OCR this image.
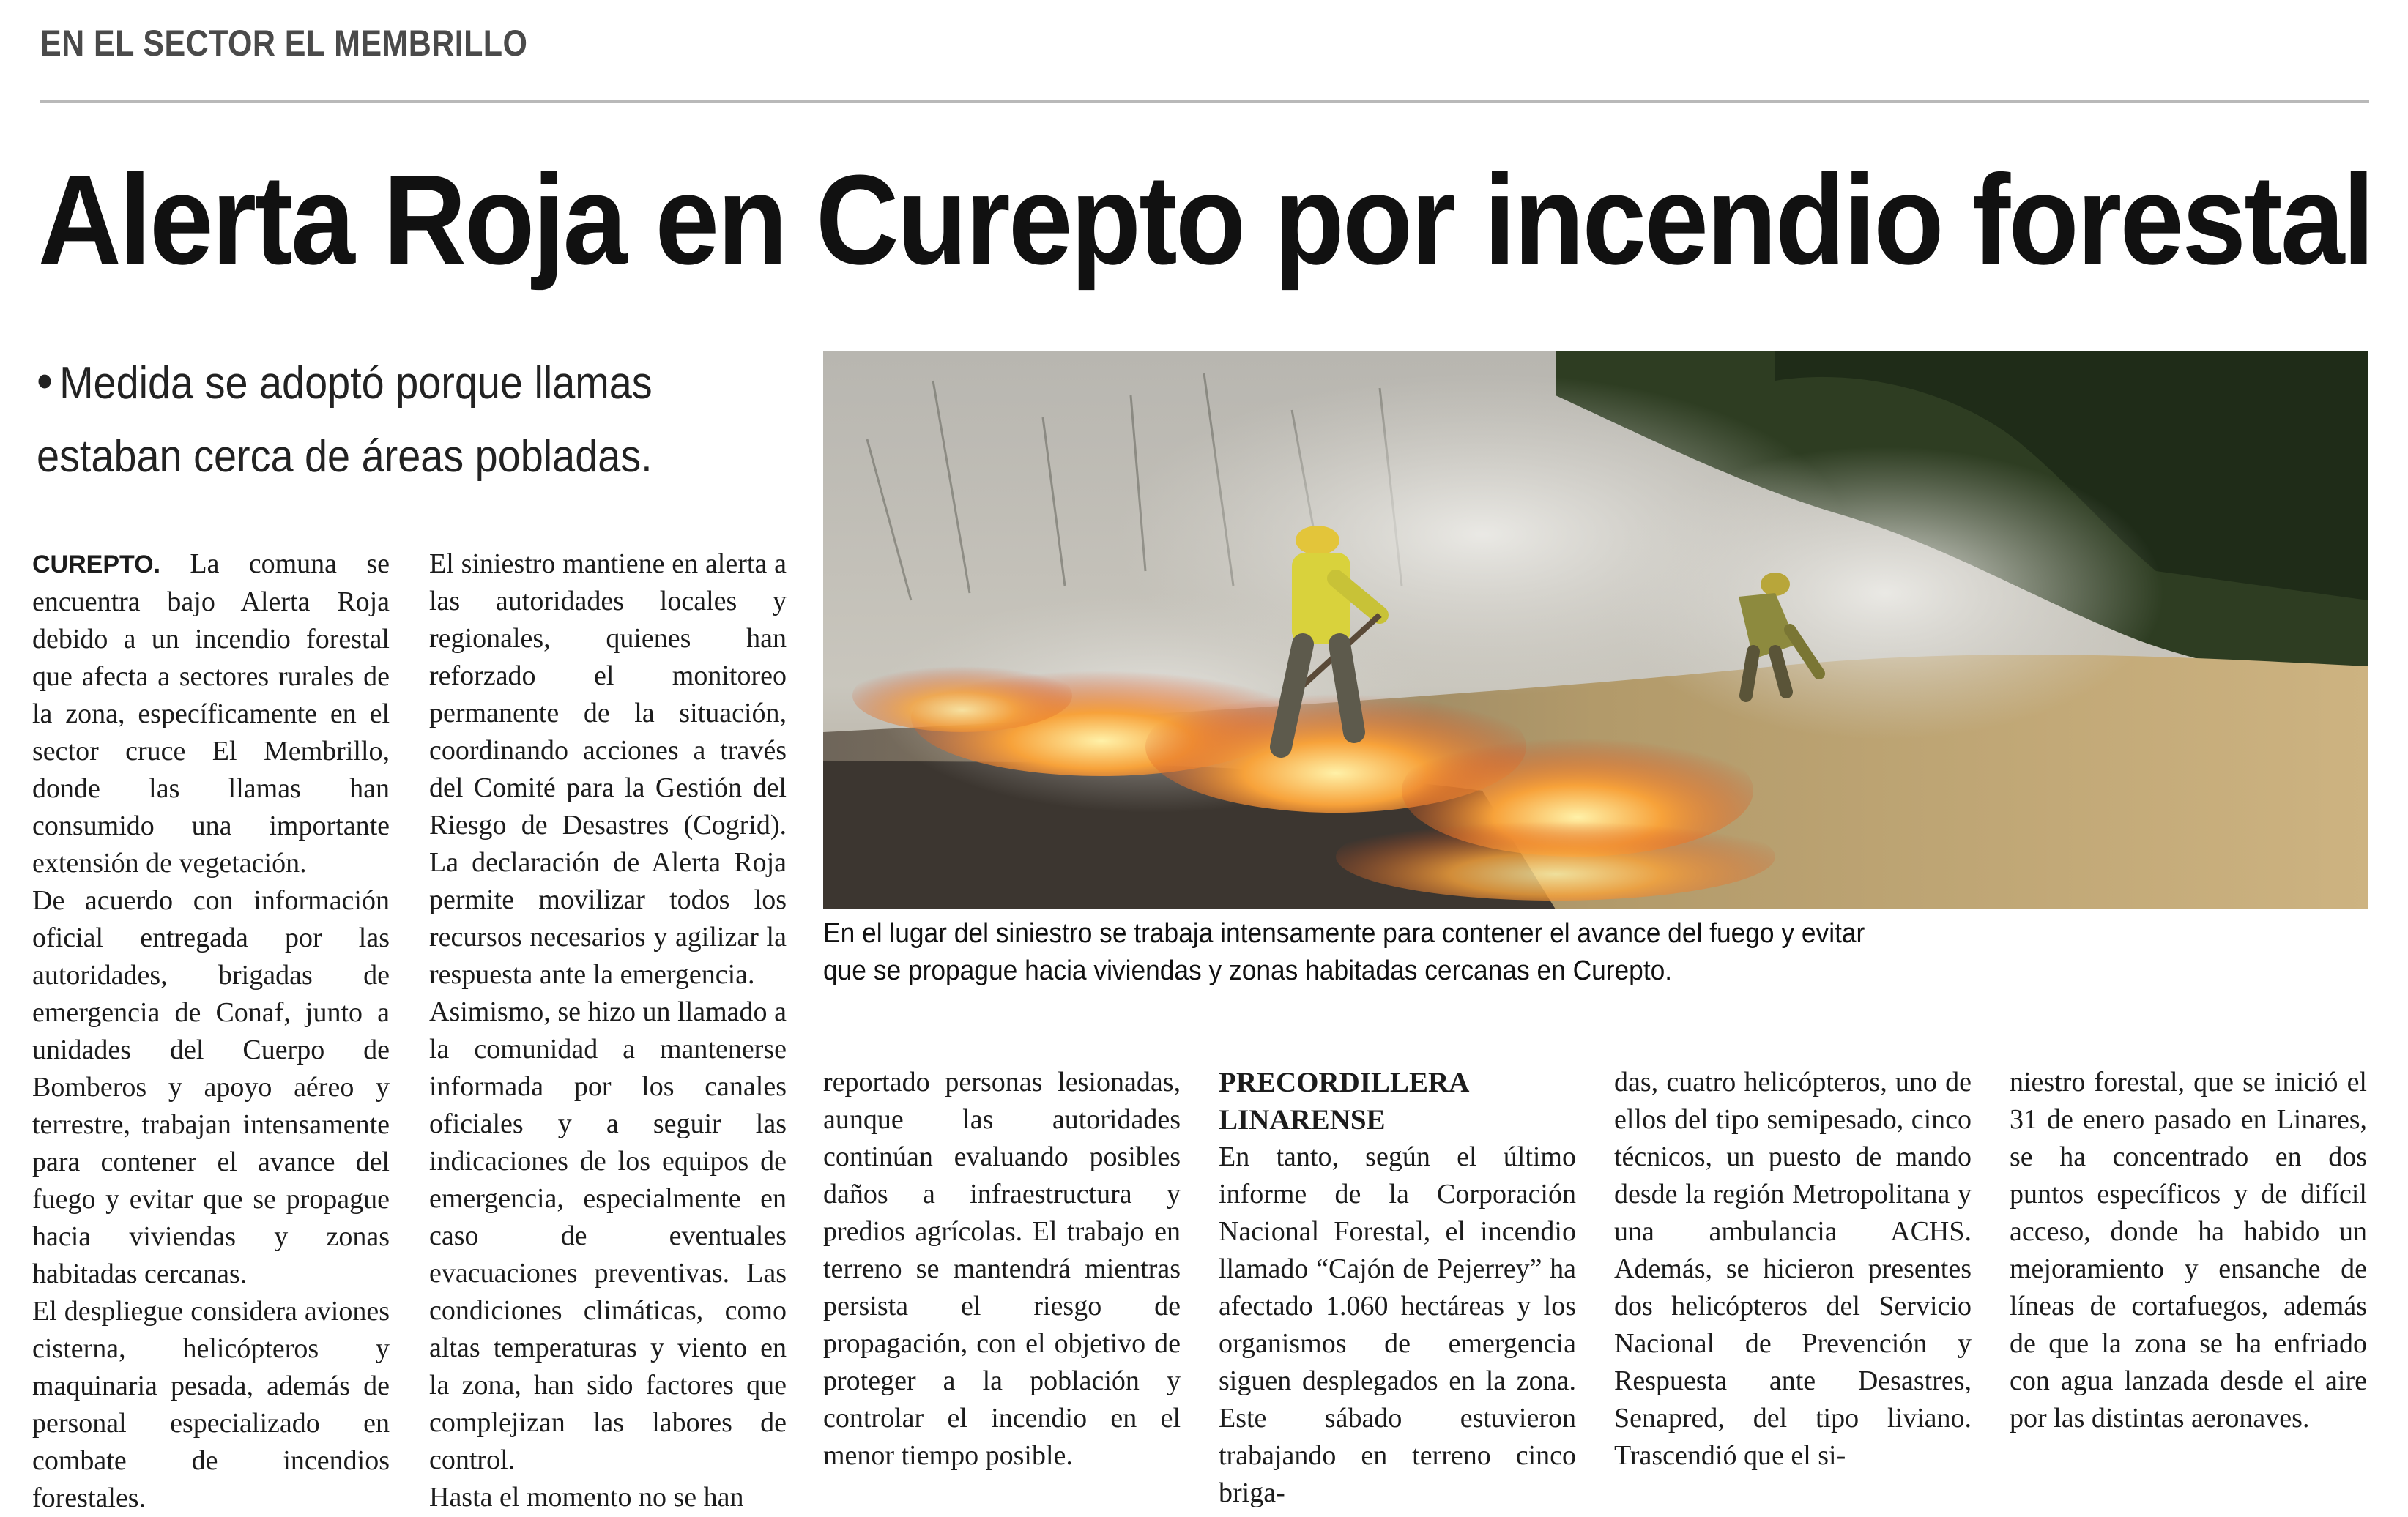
EN EL SECTOR EL MEMBRILLO
Alerta Roja en Curepto por incendio forestal
• Medida se adoptó porque llamas estaban cerca de áreas pobladas.

CUREPTO. La comuna se encuentra bajo Alerta Roja debido a un incendio forestal que afecta a sectores rurales de la zona, específicamente en el sector cruce El Membrillo, donde las llamas han consumido una importante extensión de vegetación.

De acuerdo con información oficial entregada por las autoridades, brigadas de emergencia de Conaf, junto a unidades del Cuerpo de Bomberos y apoyo aéreo y terrestre, trabajan intensamente para contener el avance del fuego y evitar que se propague hacia viviendas y zonas habitadas cercanas.

El despliegue considera aviones cisterna, helicópteros y maquinaria pesada, además de personal especializado en combate de incendios forestales.

El siniestro mantiene en alerta a las autoridades locales y regionales, quienes han reforzado el monitoreo permanente de la situación, coordinando acciones a través del Comité para la Gestión del Riesgo de Desastres (Cogrid). La declaración de Alerta Roja permite movilizar todos los recursos necesarios y agilizar la respuesta ante la emergencia.

Asimismo, se hizo un llamado a la comunidad a mantenerse informada por los canales oficiales y a seguir las indicaciones de los equipos de emergencia, especialmente en caso de eventuales evacuaciones preventivas. Las condiciones climáticas, como altas temperaturas y viento en la zona, han sido factores que complejizan las labores de control.

Hasta el momento no se han

En el lugar del siniestro se trabaja intensamente para contener el avance del fuego y evitar que se propague hacia viviendas y zonas habitadas cercanas en Curepto.

reportado personas lesionadas, aunque las autoridades continúan evaluando posibles daños a infraestructura y predios agrícolas. El trabajo en terreno se mantendrá mientras persista el riesgo de propagación, con el objetivo de proteger a la población y controlar el incendio en el menor tiempo posible.

PRECORDILLERA LINARENSE

En tanto, según el último informe de la Corporación Nacional Forestal, el incendio llamado “Cajón de Pejerrey” ha afectado 1.060 hectáreas y los organismos de emergencia siguen desplegados en la zona. Este sábado estuvieron trabajando en terreno cinco briga-

das, cuatro helicópteros, uno de ellos del tipo semipesado, cinco técnicos, un puesto de mando desde la región Metropolitana y una ambulancia ACHS. Además, se hicieron presentes dos helicópteros del Servicio Nacional de Prevención y Respuesta ante Desastres, Senapred, del tipo liviano. Trascendió que el si-

niestro forestal, que se inició el 31 de enero pasado en Linares, se ha concentrado en dos puntos específicos y de difícil acceso, donde ha habido un mejoramiento y ensanche de líneas de cortafuegos, además de que la zona se ha enfriado con agua lanzada desde el aire por las distintas aeronaves.
